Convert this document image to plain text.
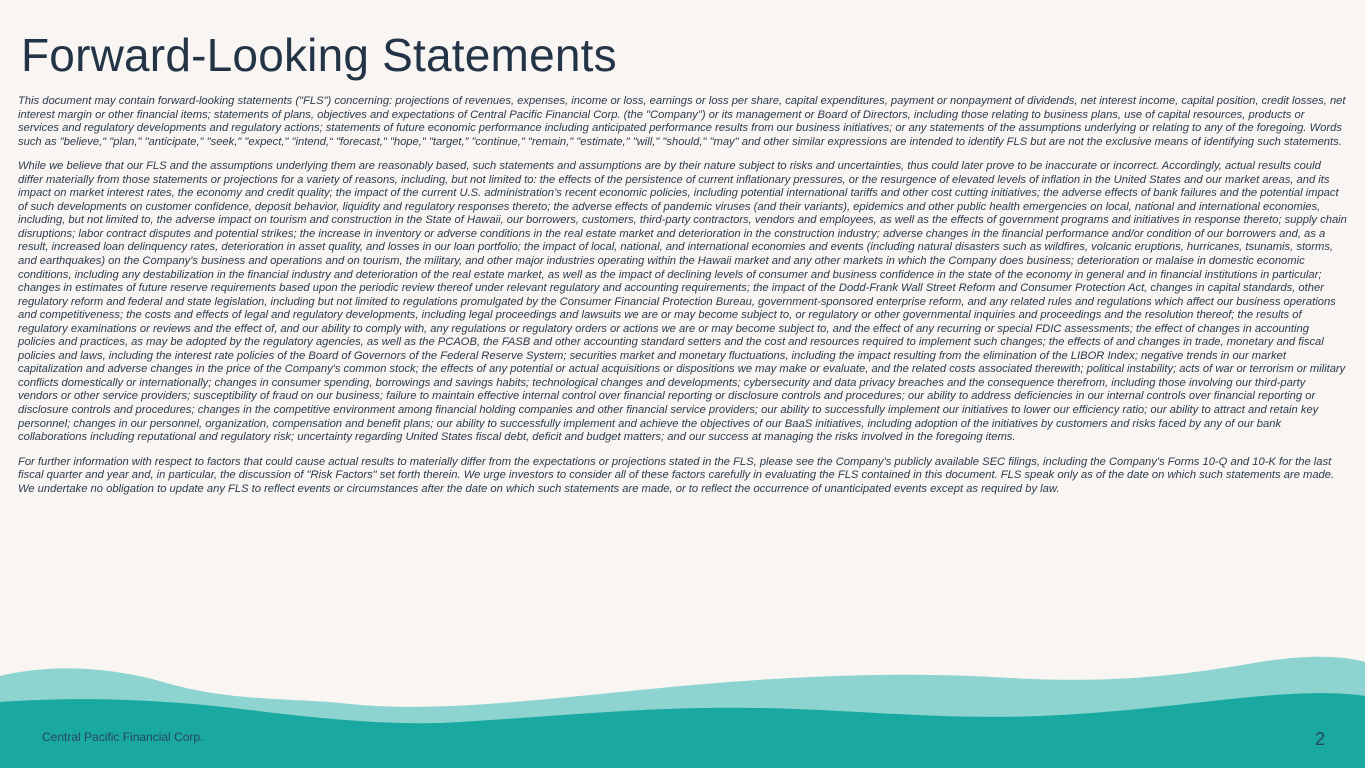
Forward-Looking Statements

This document may contain forward-looking statements ("FLS") concerning: projections of revenues, expenses, income or loss, earnings or loss per share, capital expenditures, payment or nonpayment of dividends, net interest income, capital position, credit losses, net interest margin or other financial items; statements of plans, objectives and expectations of Central Pacific Financial Corp. (the "Company") or its management or Board of Directors, including those relating to business plans, use of capital resources, products or services and regulatory developments and regulatory actions; statements of future economic performance including anticipated performance results from our business initiatives; or any statements of the assumptions underlying or relating to any of the foregoing. Words such as "believe," "plan," "anticipate," "seek," "expect," "intend,“ "forecast," "hope," "target,” "continue," "remain," "estimate," "will," "should," "may" and other similar expressions are intended to identify FLS but are not the exclusive means of identifying such statements.

While we believe that our FLS and the assumptions underlying them are reasonably based, such statements and assumptions are by their nature subject to risks and uncertainties, thus could later prove to be inaccurate or incorrect. Accordingly, actual results could differ materially from those statements or projections for a variety of reasons, including, but not limited to: the effects of the persistence of current inflationary pressures, or the resurgence of elevated levels of inflation in the United States and our market areas, and its impact on market interest rates, the economy and credit quality; the impact of the current U.S. administration’s recent economic policies, including potential international tariffs and other cost cutting initiatives; the adverse effects of bank failures and the potential impact of such developments on customer confidence, deposit behavior, liquidity and regulatory responses thereto; the adverse effects of pandemic viruses (and their variants), epidemics and other public health emergencies on local, national and international economies, including, but not limited to, the adverse impact on tourism and construction in the State of Hawaii, our borrowers, customers, third-party contractors, vendors and employees, as well as the effects of government programs and initiatives in response thereto; supply chain disruptions; labor contract disputes and potential strikes; the increase in inventory or adverse conditions in the real estate market and deterioration in the construction industry; adverse changes in the financial performance and/or condition of our borrowers and, as a result, increased loan delinquency rates, deterioration in asset quality, and losses in our loan portfolio; the impact of local, national, and international economies and events (including natural disasters such as wildfires, volcanic eruptions, hurricanes, tsunamis, storms, and earthquakes) on the Company's business and operations and on tourism, the military, and other major industries operating within the Hawaii market and any other markets in which the Company does business; deterioration or malaise in domestic economic conditions, including any destabilization in the financial industry and deterioration of the real estate market, as well as the impact of declining levels of consumer and business confidence in the state of the economy in general and in financial institutions in particular; changes in estimates of future reserve requirements based upon the periodic review thereof under relevant regulatory and accounting requirements; the impact of the Dodd-Frank Wall Street Reform and Consumer Protection Act, changes in capital standards, other regulatory reform and federal and state legislation, including but not limited to regulations promulgated by the Consumer Financial Protection Bureau, government-sponsored enterprise reform, and any related rules and regulations which affect our business operations and competitiveness; the costs and effects of legal and regulatory developments, including legal proceedings and lawsuits we are or may become subject to, or regulatory or other governmental inquiries and proceedings and the resolution thereof; the results of regulatory examinations or reviews and the effect of, and our ability to comply with, any regulations or regulatory orders or actions we are or may become subject to, and the effect of any recurring or special FDIC assessments; the effect of changes in accounting policies and practices, as may be adopted by the regulatory agencies, as well as the PCAOB, the FASB and other accounting standard setters and the cost and resources required to implement such changes; the effects of and changes in trade, monetary and fiscal policies and laws, including the interest rate policies of the Board of Governors of the Federal Reserve System; securities market and monetary fluctuations, including the impact resulting from the elimination of the LIBOR Index; negative trends in our market capitalization and adverse changes in the price of the Company's common stock; the effects of any potential or actual acquisitions or dispositions we may make or evaluate, and the related costs associated therewith; political instability; acts of war or terrorism or military conflicts domestically or internationally; changes in consumer spending, borrowings and savings habits; technological changes and developments; cybersecurity and data privacy breaches and the consequence therefrom, including those involving our third-party vendors or other service providers; susceptibility of fraud on our business; failure to maintain effective internal control over financial reporting or disclosure controls and procedures; our ability to address deficiencies in our internal controls over financial reporting or disclosure controls and procedures; changes in the competitive environment among financial holding companies and other financial service providers; our ability to successfully implement our initiatives to lower our efficiency ratio; our ability to attract and retain key personnel; changes in our personnel, organization, compensation and benefit plans; our ability to successfully implement and achieve the objectives of our BaaS initiatives, including adoption of the initiatives by customers and risks faced by any of our bank collaborations including reputational and regulatory risk; uncertainty regarding United States fiscal debt, deficit and budget matters; and our success at managing the risks involved in the foregoing items.

For further information with respect to factors that could cause actual results to materially differ from the expectations or projections stated in the FLS, please see the Company's publicly available SEC filings, including the Company's Forms 10-Q and 10-K for the last fiscal quarter and year and, in particular, the discussion of "Risk Factors" set forth therein. We urge investors to consider all of these factors carefully in evaluating the FLS contained in this document. FLS speak only as of the date on which such statements are made. We undertake no obligation to update any FLS to reflect events or circumstances after the date on which such statements are made, or to reflect the occurrence of unanticipated events except as required by law.

Central Pacific Financial Corp.	2
